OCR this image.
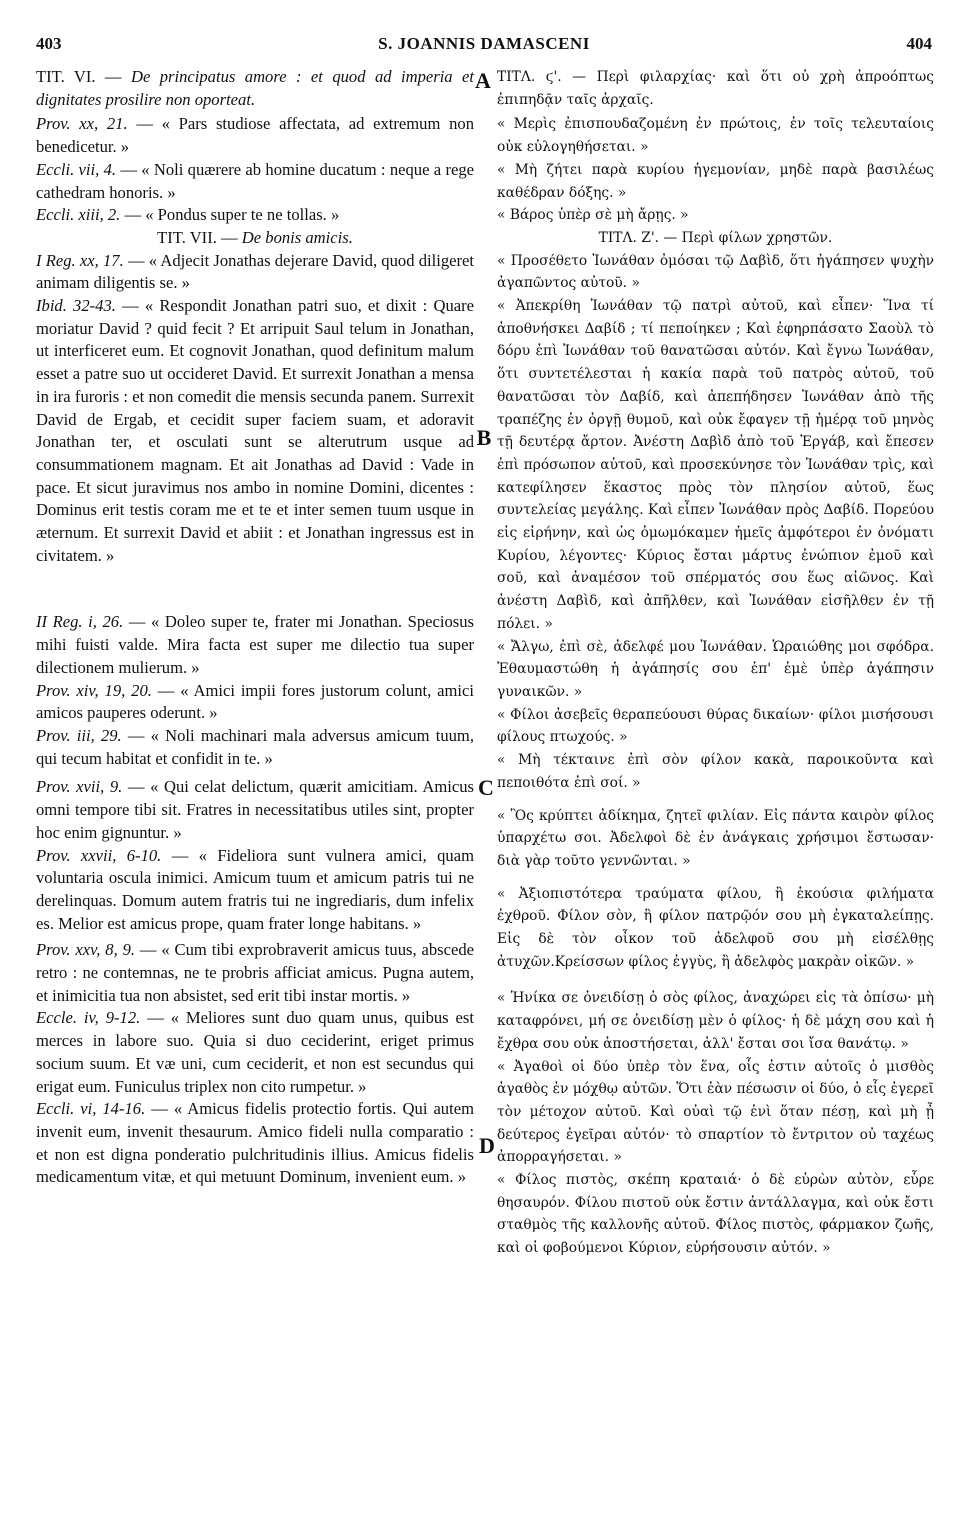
403	S. JOANNIS DAMASCENI	404
A
B
C
D
TIT. VI. — De principatus amore : et quod ad imperia et dignitates prosilire non oporteat.
Prov. xx, 21. — « Pars studiose affectata, ad extremum non benedicetur. »
Eccli. vii, 4. — « Noli quærere ab homine ducatum : neque a rege cathedram honoris. »
Eccli. xiii, 2. — « Pondus super te ne tollas. »
TIT. VII. — De bonis amicis.
I Reg. xx, 17. — « Adjecit Jonathas dejerare David, quod diligeret animam diligentis se. »
Ibid. 32-43. — « Respondit Jonathan patri suo, et dixit : Quare moriatur David ? quid fecit ? Et arripuit Saul telum in Jonathan, ut interficeret eum. Et cognovit Jonathan, quod definitum malum esset a patre suo ut occideret David. Et surrexit Jonathan a mensa in ira furoris : et non comedit die mensis secunda panem. Surrexit David de Ergab, et cecidit super faciem suam, et adoravit Jonathan ter, et osculati sunt se alterutrum usque ad consummationem magnam. Et ait Jonathas ad David : Vade in pace. Et sicut juravimus nos ambo in nomine Domini, dicentes : Dominus erit testis coram me et te et inter semen tuum usque in æternum. Et surrexit David et abiit : et Jonathan ingressus est in civitatem. »
II Reg. i, 26. — « Doleo super te, frater mi Jonathan. Speciosus mihi fuisti valde. Mira facta est super me dilectio tua super dilectionem mulierum. »
Prov. xiv, 19, 20. — « Amici impii fores justorum colunt, amici amicos pauperes oderunt. »
Prov. iii, 29. — « Noli machinari mala adversus amicum tuum, qui tecum habitat et confidit in te. »
Prov. xvii, 9. — « Qui celat delictum, quærit amicitiam. Amicus omni tempore tibi sit. Fratres in necessitatibus utiles sint, propter hoc enim gignuntur. »
Prov. xxvii, 6-10. — « Fideliora sunt vulnera amici, quam voluntaria oscula inimici. Amicum tuum et amicum patris tui ne derelinquas. Domum autem fratris tui ne ingrediaris, dum infelix es. Melior est amicus prope, quam frater longe habitans. »
Prov. xxv, 8, 9. — « Cum tibi exprobraverit amicus tuus, abscede retro : ne contemnas, ne te probris afficiat amicus. Pugna autem, et inimicitia tua non absistet, sed erit tibi instar mortis. »
Eccle. iv, 9-12. — « Meliores sunt duo quam unus, quibus est merces in labore suo. Quia si duo ceciderint, eriget primus socium suum. Et væ uni, cum ceciderit, et non est secundus qui erigat eum. Funiculus triplex non cito rumpetur. »
Eccli. vi, 14-16. — « Amicus fidelis protectio fortis. Qui autem invenit eum, invenit thesaurum. Amico fideli nulla comparatio : et non est digna ponderatio pulchritudinis illius. Amicus fidelis medicamentum vitæ, et qui metuunt Dominum, invenient eum. »
ΤΙΤΛ. ϛ'. — Περὶ φιλαρχίας· καὶ ὅτι οὐ χρὴ ἀπροόπτως ἐπιπηδᾷν ταῖς ἀρχαῖς.
« Μερὶς ἐπισπουδαζομένη ἐν πρώτοις, ἐν τοῖς τελευταίοις οὐκ εὐλογηθήσεται. »
« Μὴ ζήτει παρὰ κυρίου ἡγεμονίαν, μηδὲ παρὰ βασιλέως καθέδραν δόξης. »
« Βάρος ὑπὲρ σὲ μὴ ἄρῃς. »
ΤΙΤΛ. Ζ'. — Περὶ φίλων χρηστῶν.
« Προσέθετο Ἰωνάθαν ὀμόσαι τῷ Δαβὶδ, ὅτι ἠγάπησεν ψυχὴν ἀγαπῶντος αὐτοῦ. »
« Ἀπεκρίθη Ἰωνάθαν τῷ πατρὶ αὐτοῦ, καὶ εἶπεν· Ἵνα τί ἀποθνήσκει Δαβίδ ; τί πεποίηκεν ; Καὶ ἐφηρπάσατο Σαοὺλ τὸ δόρυ ἐπὶ Ἰωνάθαν τοῦ θανατῶσαι αὐτόν. Καὶ ἔγνω Ἰωνάθαν, ὅτι συντετέλεσται ἡ κακία παρὰ τοῦ πατρὸς αὐτοῦ, τοῦ θανατῶσαι τὸν Δαβίδ, καὶ ἀπεπήδησεν Ἰωνάθαν ἀπὸ τῆς τραπέζης ἐν ὀργῇ θυμοῦ, καὶ οὐκ ἔφαγεν τῇ ἡμέρᾳ τοῦ μηνὸς τῇ δευτέρᾳ ἄρτον. Ἀνέστη Δαβὶδ ἀπὸ τοῦ Ἐργάβ, καὶ ἔπεσεν ἐπὶ πρόσωπον αὐτοῦ, καὶ προσεκύνησε τὸν Ἰωνάθαν τρὶς, καὶ κατεφίλησεν ἕκαστος πρὸς τὸν πλησίον αὐτοῦ, ἕως συντελείας μεγάλης. Καὶ εἶπεν Ἰωνάθαν πρὸς Δαβίδ. Πορεύου εἰς εἰρήνην, καὶ ὡς ὀμωμόκαμεν ἡμεῖς ἀμφότεροι ἐν ὀνόματι Κυρίου, λέγοντες· Κύριος ἔσται μάρτυς ἐνώπιον ἐμοῦ καὶ σοῦ, καὶ ἀναμέσον τοῦ σπέρματός σου ἕως αἰῶνος. Καὶ ἀνέστη Δαβὶδ, καὶ ἀπῆλθεν, καὶ Ἰωνάθαν εἰσῆλθεν ἐν τῇ πόλει. »
« Ἄλγω, ἐπὶ σὲ, ἀδελφέ μου Ἰωνάθαν. Ὡραιώθης μοι σφόδρα. Ἐθαυμαστώθη ἡ ἀγάπησίς σου ἐπ' ἐμὲ ὑπὲρ ἀγάπησιν γυναικῶν. »
« Φίλοι ἀσεβεῖς θεραπεύουσι θύρας δικαίων· φίλοι μισήσουσι φίλους πτωχούς. »
« Μὴ τέκταινε ἐπὶ σὸν φίλον κακὰ, παροικοῦντα καὶ πεποιθότα ἐπὶ σοί. »
« Ὃς κρύπτει ἀδίκημα, ζητεῖ φιλίαν. Εἰς πάντα καιρὸν φίλος ὑπαρχέτω σοι. Ἀδελφοὶ δὲ ἐν ἀνάγκαις χρήσιμοι ἔστωσαν· διὰ γὰρ τοῦτο γεννῶνται. »
« Ἀξιοπιστότερα τραύματα φίλου, ἢ ἑκούσια φιλήματα ἐχθροῦ. Φίλον σὸν, ἢ φίλον πατρῷόν σου μὴ ἐγκαταλείπῃς. Εἰς δὲ τὸν οἶκον τοῦ ἀδελφοῦ σου μὴ εἰσέλθῃς ἀτυχῶν.Κρείσσων φίλος ἐγγὺς, ἢ ἀδελφὸς μακρὰν οἰκῶν. »
« Ἡνίκα σε ὀνειδίσῃ ὁ σὸς φίλος, ἀναχώρει εἰς τὰ ὀπίσω· μὴ καταφρόνει, μή σε ὀνειδίσῃ μὲν ὁ φίλος· ἡ δὲ μάχη σου καὶ ἡ ἔχθρα σου οὐκ ἀποστήσεται, ἀλλ' ἔσται σοι ἴσα θανάτῳ. »
« Ἀγαθοὶ οἱ δύο ὑπὲρ τὸν ἕνα, οἷς ἐστιν αὐτοῖς ὁ μισθὸς ἀγαθὸς ἐν μόχθῳ αὐτῶν. Ὅτι ἐὰν πέσωσιν οἱ δύο, ὁ εἷς ἐγερεῖ τὸν μέτοχον αὐτοῦ. Καὶ οὐαὶ τῷ ἑνὶ ὅταν πέσῃ, καὶ μὴ ᾖ δεύτερος ἐγεῖραι αὐτόν· τὸ σπαρτίον τὸ ἔντριτον οὐ ταχέως ἀπορραγήσεται. »
« Φίλος πιστὸς, σκέπη κραταιά· ὁ δὲ εὑρὼν αὐτὸν, εὗρε θησαυρόν. Φίλου πιστοῦ οὐκ ἔστιν ἀντάλλαγμα, καὶ οὐκ ἔστι σταθμὸς τῆς καλλονῆς αὐτοῦ. Φίλος πιστὸς, φάρμακον ζωῆς, καὶ οἱ φοβούμενοι Κύριον, εὑρήσουσιν αὐτόν. »
